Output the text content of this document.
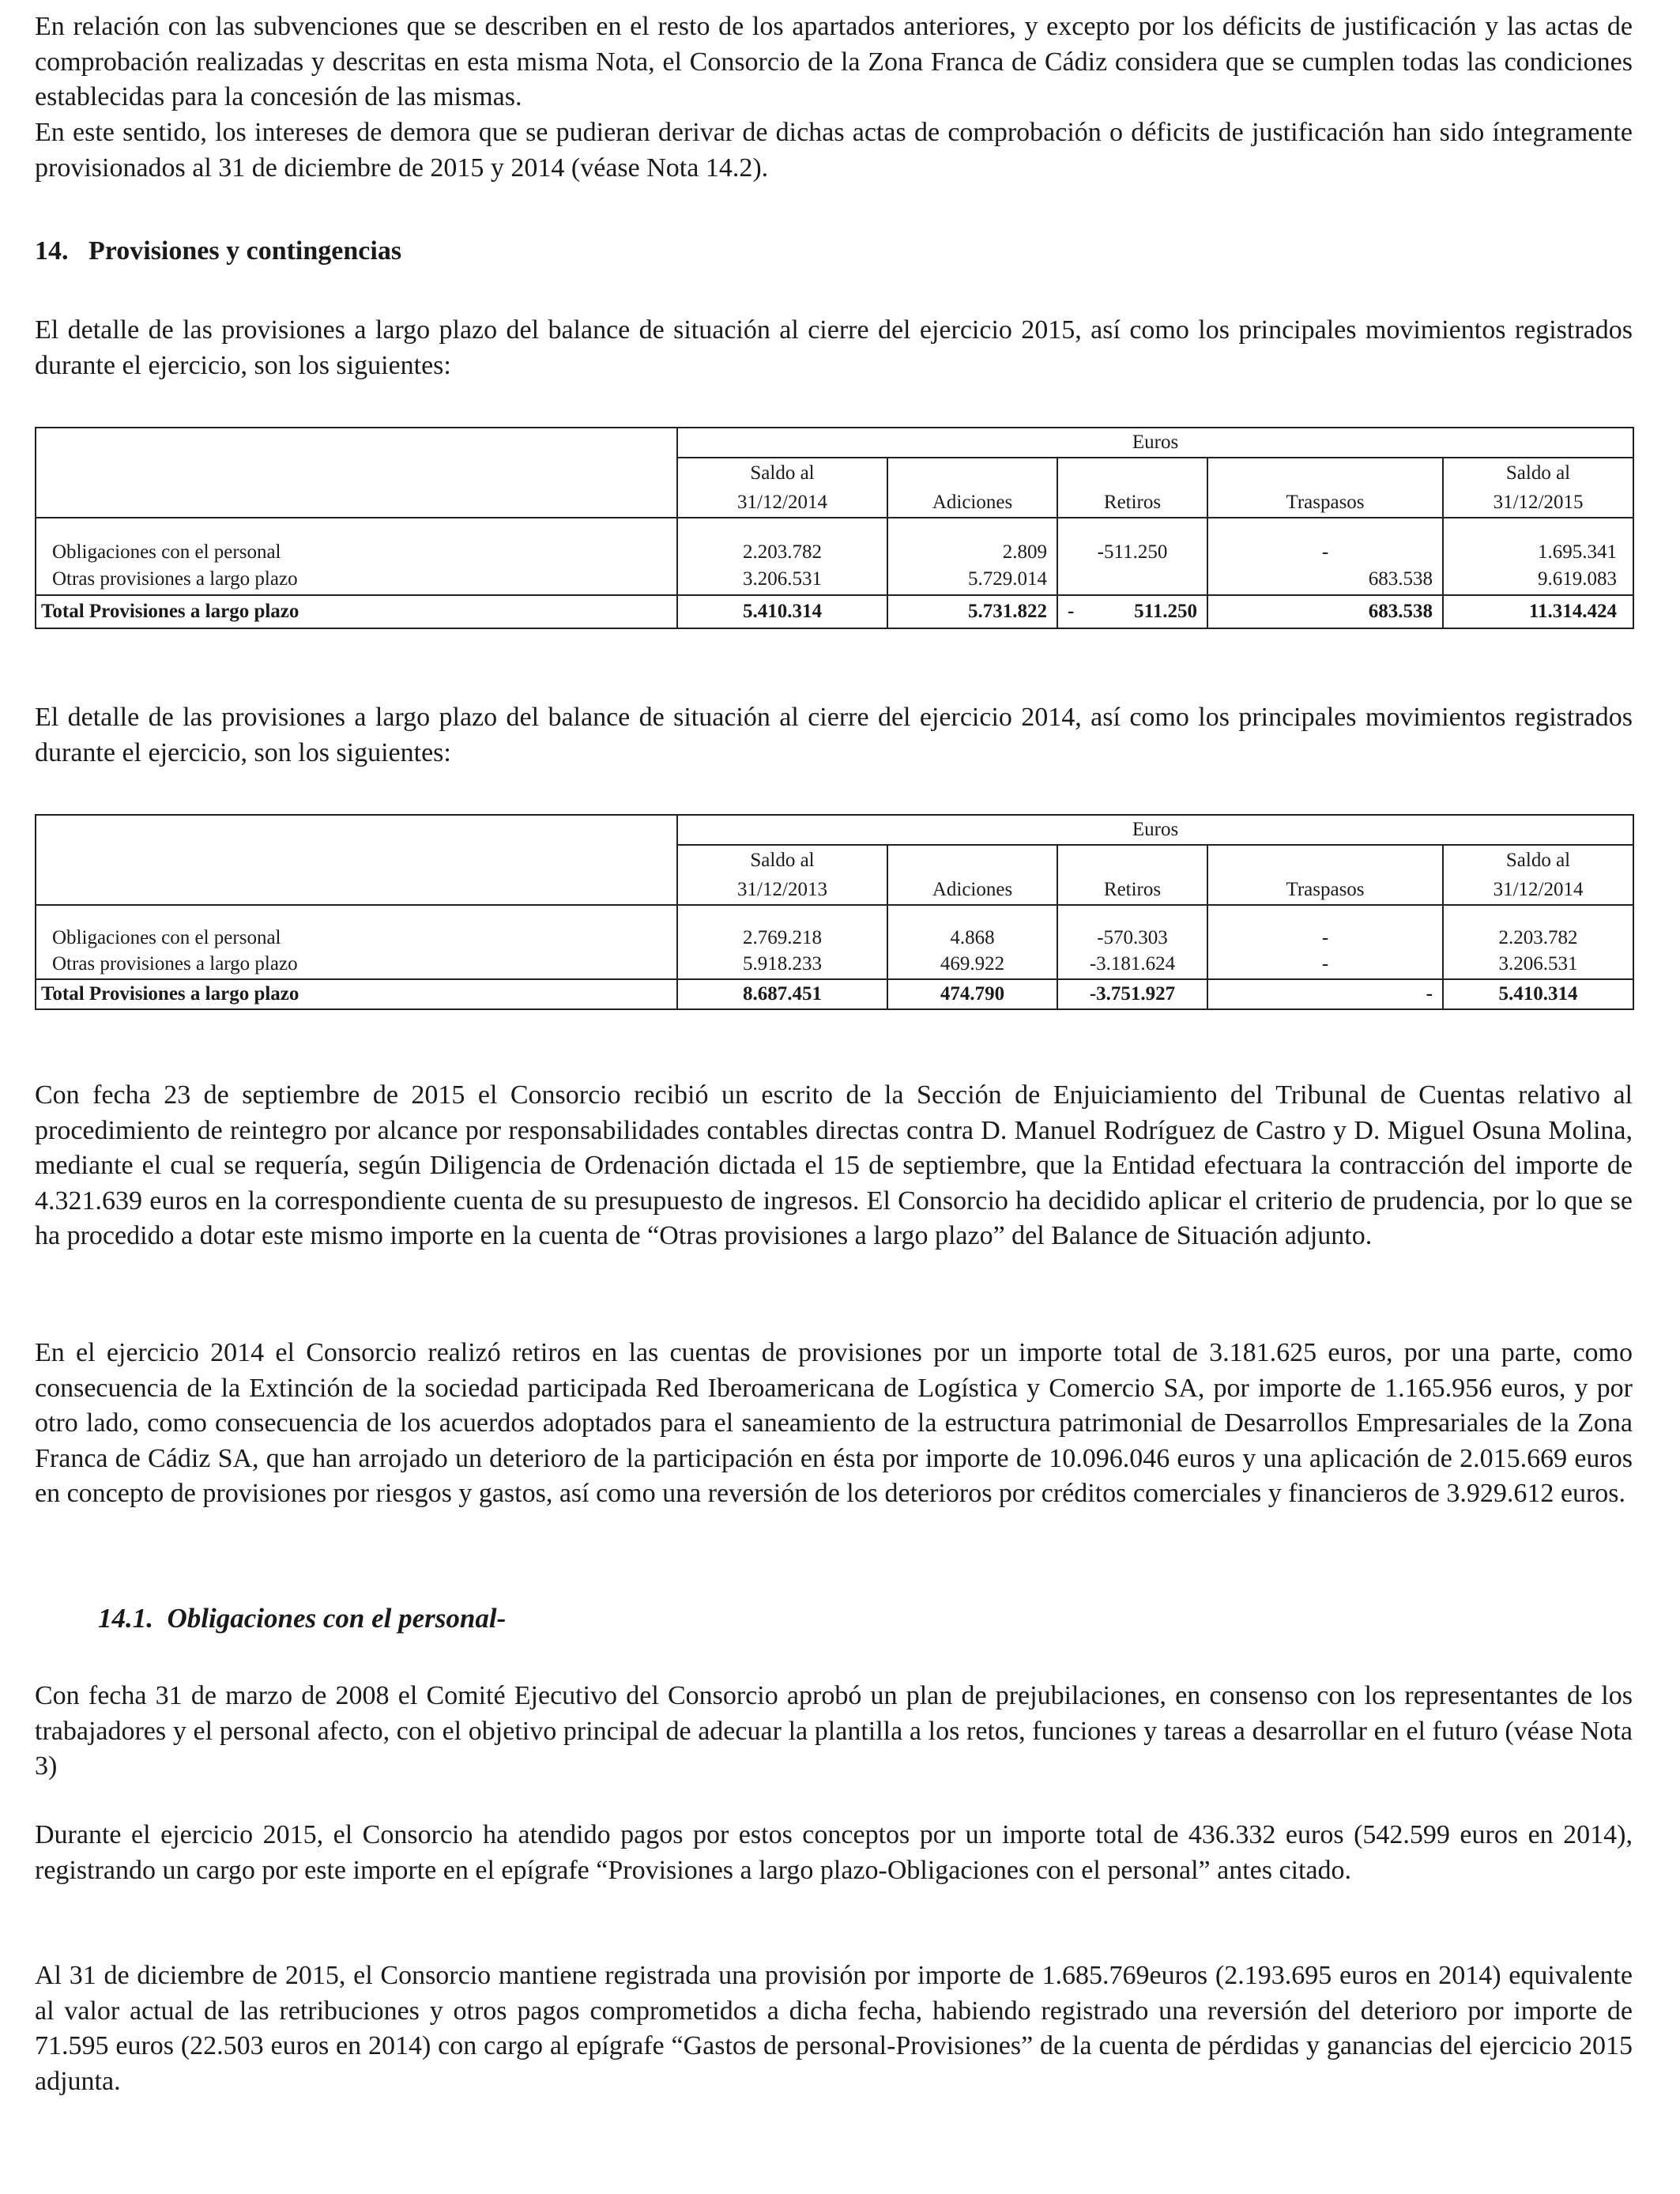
En relación con las subvenciones que se describen en el resto de los apartados anteriores, y excepto por los déficits de justificación y las actas de comprobación realizadas y descritas en esta misma Nota, el Consorcio de la Zona Franca de Cádiz considera que se cumplen todas las condiciones establecidas para la concesión de las mismas.

En este sentido, los intereses de demora que se pudieran derivar de dichas actas de comprobación o déficits de justificación han sido íntegramente provisionados al 31 de diciembre de 2015 y 2014 (véase Nota 14.2).

14.   Provisiones y contingencias

El detalle de las provisiones a largo plazo del balance de situación al cierre del ejercicio 2015, así como los principales movimientos registrados durante el ejercicio, son los siguientes:

	Euros				
	Saldo al				Saldo al
	31/12/2014	Adiciones	Retiros	Traspasos	31/12/2015
Obligaciones con el personal	2.203.782	2.809	-511.250	-	1.695.341
Otras provisiones a largo plazo	3.206.531	5.729.014		683.538	9.619.083
Total Provisiones a largo plazo	5.410.314	5.731.822	- 511.250	683.538	11.314.424

El detalle de las provisiones a largo plazo del balance de situación al cierre del ejercicio 2014, así como los principales movimientos registrados durante el ejercicio, son los siguientes:

	Euros				
	Saldo al				Saldo al
	31/12/2013	Adiciones	Retiros	Traspasos	31/12/2014
Obligaciones con el personal	2.769.218	4.868	-570.303	-	2.203.782
Otras provisiones a largo plazo	5.918.233	469.922	-3.181.624	-	3.206.531
Total Provisiones a largo plazo	8.687.451	474.790	-3.751.927	-	5.410.314

Con fecha 23 de septiembre de 2015 el Consorcio recibió un escrito de la Sección de Enjuiciamiento del Tribunal de Cuentas relativo al procedimiento de reintegro por alcance por responsabilidades contables directas contra D. Manuel Rodríguez de Castro y D. Miguel Osuna Molina, mediante el cual se requería, según Diligencia de Ordenación dictada el 15 de septiembre, que la Entidad efectuara la contracción del importe de 4.321.639 euros en la correspondiente cuenta de su presupuesto de ingresos. El Consorcio ha decidido aplicar el criterio de prudencia, por lo que se ha procedido a dotar este mismo importe en la cuenta de “Otras provisiones a largo plazo” del Balance de Situación adjunto.

En el ejercicio 2014 el Consorcio realizó retiros en las cuentas de provisiones por un importe total de 3.181.625 euros, por una parte, como consecuencia de la Extinción de la sociedad participada Red Iberoamericana de Logística y Comercio SA, por importe de 1.165.956 euros, y por otro lado, como consecuencia de los acuerdos adoptados para el saneamiento de la estructura patrimonial de Desarrollos Empresariales de la Zona Franca de Cádiz SA, que han arrojado un deterioro de la participación en ésta por importe de 10.096.046 euros y una aplicación de 2.015.669 euros en concepto de provisiones por riesgos y gastos, así como una reversión de los deterioros por créditos comerciales y financieros de 3.929.612 euros.

14.1.  Obligaciones con el personal-

Con fecha 31 de marzo de 2008 el Comité Ejecutivo del Consorcio aprobó un plan de prejubilaciones, en consenso con los representantes de los trabajadores y el personal afecto, con el objetivo principal de adecuar la plantilla a los retos, funciones y tareas a desarrollar en el futuro (véase Nota 3)

Durante el ejercicio 2015, el Consorcio ha atendido pagos por estos conceptos por un importe total de 436.332 euros (542.599 euros en 2014), registrando un cargo por este importe en el epígrafe “Provisiones a largo plazo-Obligaciones con el personal” antes citado.

Al 31 de diciembre de 2015, el Consorcio mantiene registrada una provisión por importe de 1.685.769euros (2.193.695 euros en 2014) equivalente al valor actual de las retribuciones y otros pagos comprometidos a dicha fecha, habiendo registrado una reversión del deterioro por importe de 71.595 euros (22.503 euros en 2014) con cargo al epígrafe “Gastos de personal-Provisiones” de la cuenta de pérdidas y ganancias del ejercicio 2015 adjunta.
